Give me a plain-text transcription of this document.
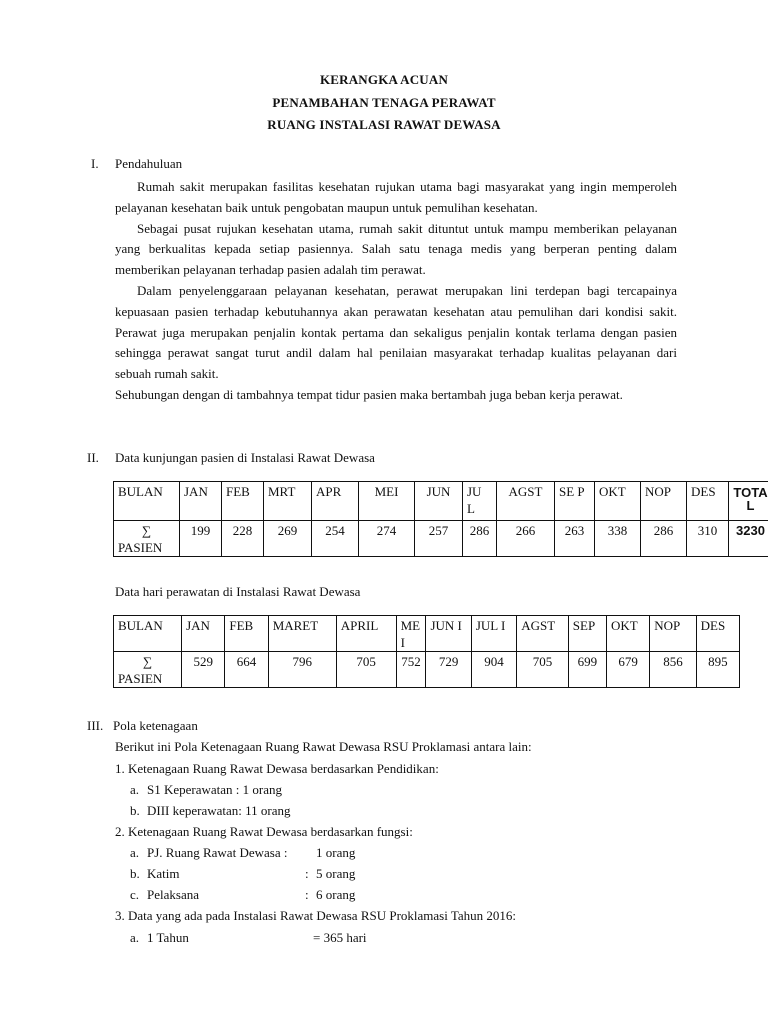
KERANGKA ACUAN
PENAMBAHAN TENAGA PERAWAT
RUANG INSTALASI RAWAT DEWASA
I. Pendahuluan

Rumah sakit merupakan fasilitas kesehatan rujukan utama bagi masyarakat yang ingin memperoleh pelayanan kesehatan baik untuk pengobatan maupun untuk pemulihan kesehatan.

Sebagai pusat rujukan kesehatan utama, rumah sakit dituntut untuk mampu memberikan pelayanan yang berkualitas kepada setiap pasiennya. Salah satu tenaga medis yang berperan penting dalam memberikan pelayanan terhadap pasien adalah tim perawat.

Dalam penyelenggaraan pelayanan kesehatan, perawat merupakan lini terdepan bagi tercapainya kepuasaan pasien terhadap kebutuhannya akan perawatan kesehatan atau pemulihan dari kondisi sakit. Perawat juga merupakan penjalin kontak pertama dan sekaligus penjalin kontak terlama dengan pasien sehingga perawat sangat turut andil dalam hal penilaian masyarakat terhadap kualitas pelayanan dari sebuah rumah sakit.

Sehubungan dengan di tambahnya tempat tidur pasien maka bertambah juga beban kerja perawat.

II. Data kunjungan pasien di Instalasi Rawat Dewasa
BULAN	JAN	FEB	MRT	APR	MEI	JUN	JU L	AGST	SE P	OKT	NOP	DES	TOTA L

∑
PASIEN	199	228	269	254	274	257	286	266	263	338	286	310	3230
Data hari perawatan di Instalasi Rawat Dewasa
BULAN	JAN	FEB	MARET	APRIL	ME I	JUN I	JUL I	AGST	SEP	OKT	NOP	DES

∑
PASIEN	529	664	796	705	752	729	904	705	699	679	856	895
III. Pola ketenagaan
Berikut ini Pola Ketenagaan Ruang Rawat Dewasa RSU Proklamasi antara lain:
1. Ketenagaan Ruang Rawat Dewasa berdasarkan Pendidikan:
a. S1 Keperawatan : 1 orang
b. DIII keperawatan: 11 orang
2. Ketenagaan Ruang Rawat Dewasa berdasarkan fungsi:
a. PJ. Ruang Rawat Dewasa : 1 orang
b. Katim	: 5 orang
c. Pelaksana	: 6 orang
3. Data yang ada pada Instalasi Rawat Dewasa RSU Proklamasi Tahun 2016:
a. 1 Tahun	= 365 hari
